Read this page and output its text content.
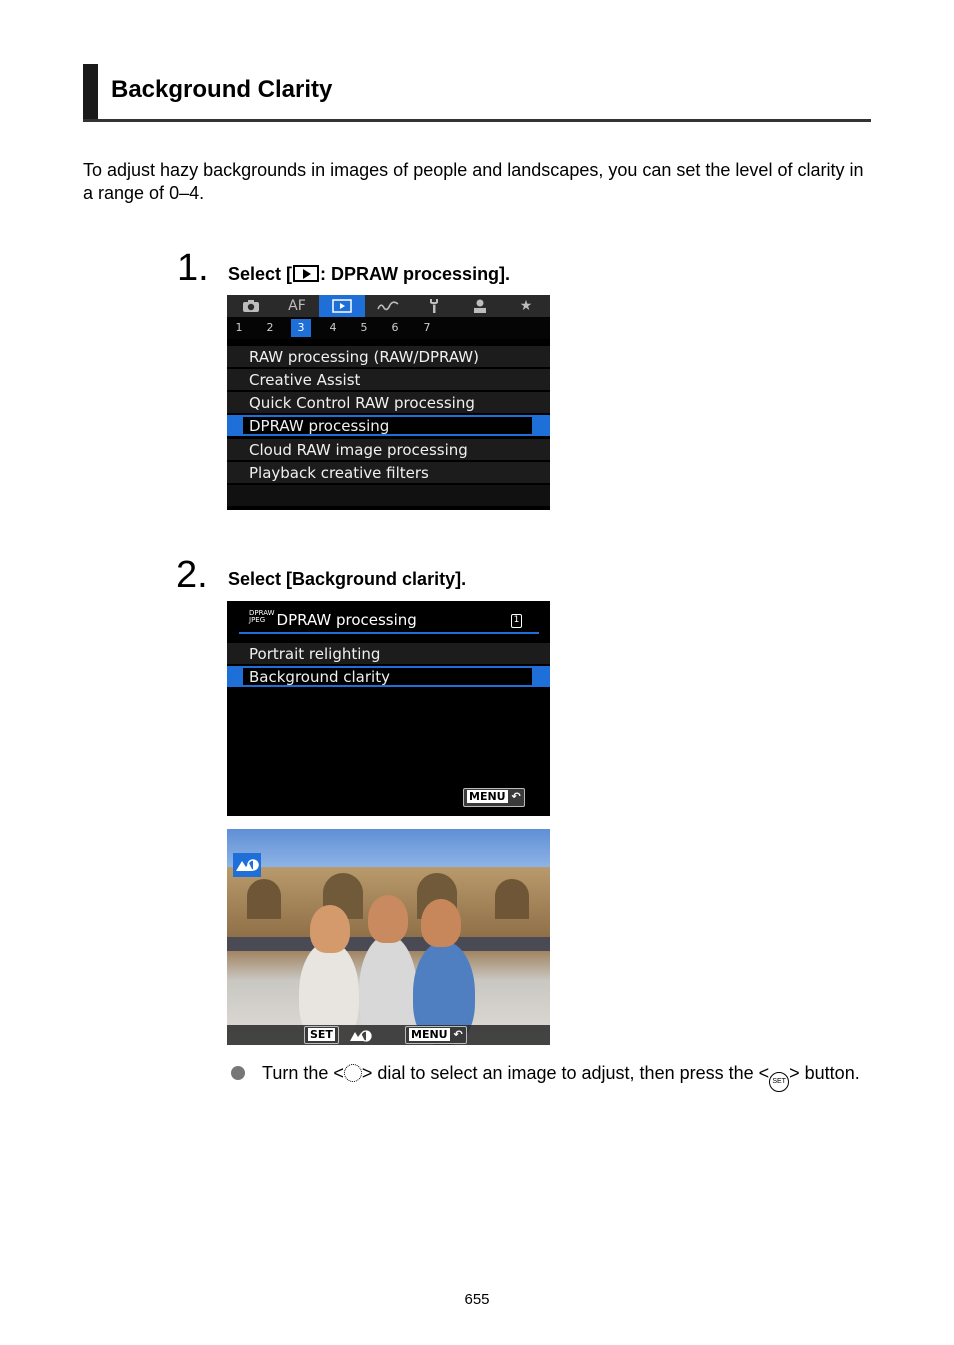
Background Clarity
To adjust hazy backgrounds in images of people and landscapes, you can set the level of clarity in a range of 0–4.
1. Select [ : DPRAW processing].
AF	★
1	2	3	4	5	6	7
RAW processing (RAW/DPRAW)
Creative Assist
Quick Control RAW processing
DPRAW processing
Cloud RAW image processing
Playback creative filters
2. Select [Background clarity].
DPRAW
JPEG DPRAW processing	1
Portrait relighting
Background clarity
MENU ↶
SET	MENU ↶
Turn the < > dial to select an image to adjust, then press the < SET > button.
655
